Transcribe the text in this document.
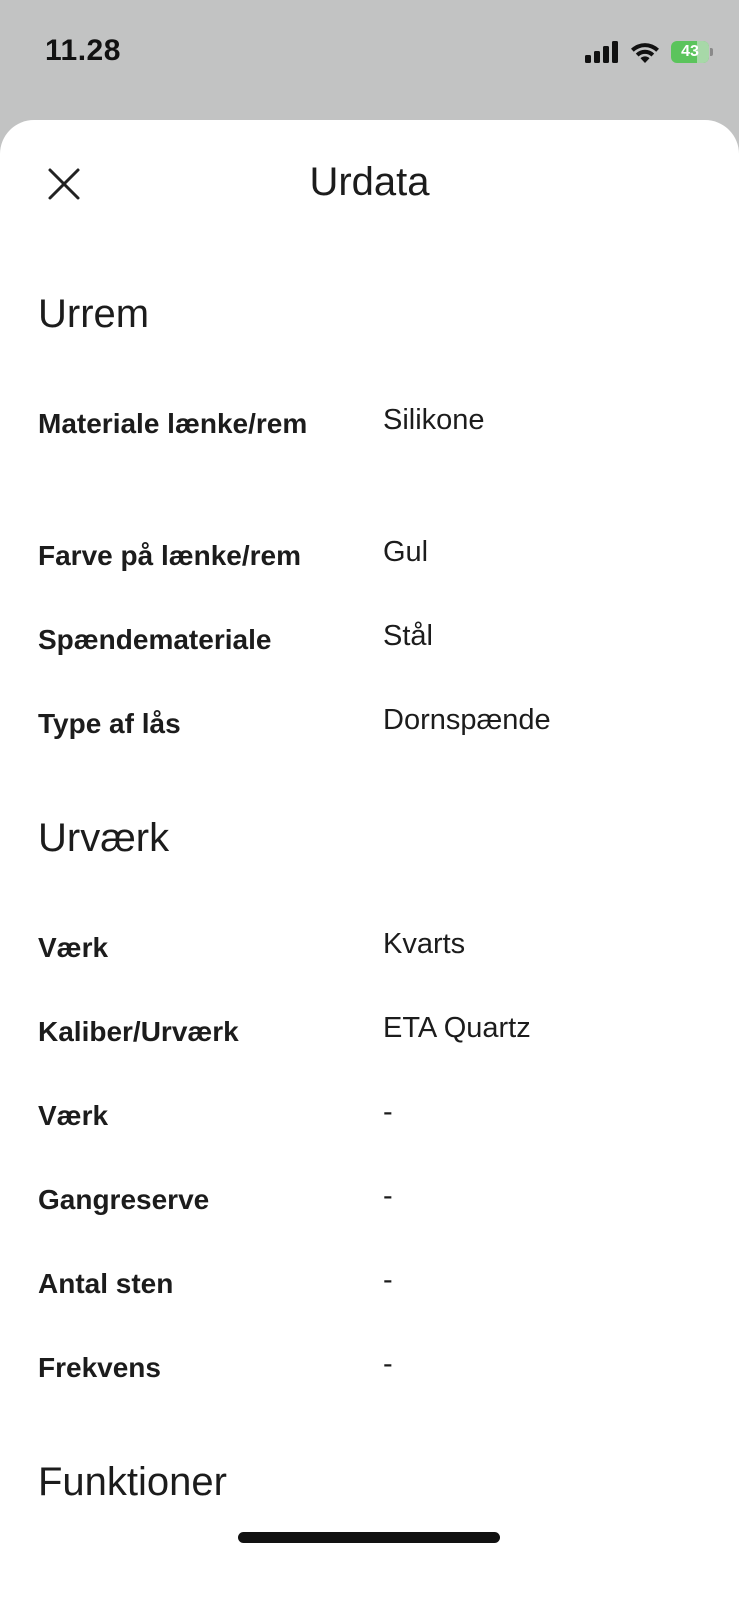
11.28	43
Urdata
Urrem
Materiale lænke/rem	Silikone
Farve på lænke/rem	Gul
Spændemateriale	Stål
Type af lås	Dornspænde
Urværk
Værk	Kvarts
Kaliber/Urværk	ETA Quartz
Værk	-
Gangreserve	-
Antal sten	-
Frekvens	-
Funktioner
